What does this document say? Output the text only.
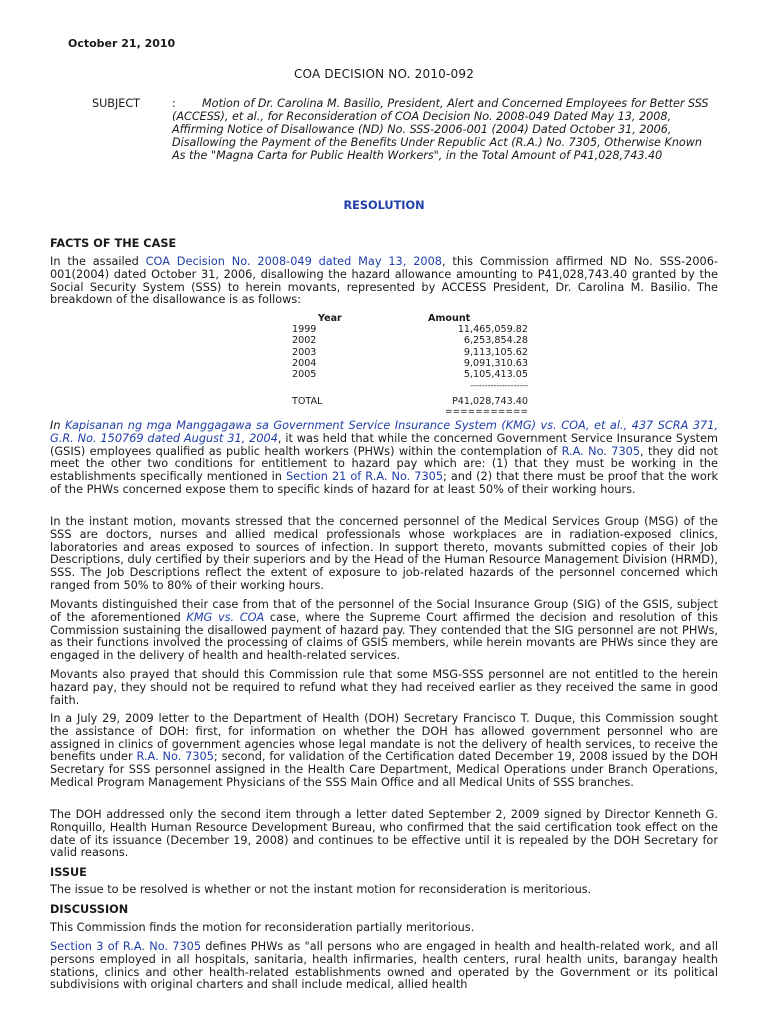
October 21, 2010
COA DECISION NO. 2010-092
SUBJECT	:	Motion of Dr. Carolina M. Basilio, President, Alert and Concerned Employees for Better SSS (ACCESS), et al., for Reconsideration of COA Decision No. 2008-049 Dated May 13, 2008, Affirming Notice of Disallowance (ND) No. SSS-2006-001 (2004) Dated October 31, 2006, Disallowing the Payment of the Benefits Under Republic Act (R.A.) No. 7305, Otherwise Known As the "Magna Carta for Public Health Workers", in the Total Amount of P41,028,743.40
RESOLUTION
FACTS OF THE CASE
In the assailed COA Decision No. 2008-049 dated May 13, 2008, this Commission affirmed ND No. SSS-2006-001(2004) dated October 31, 2006, disallowing the hazard allowance amounting to P41,028,743.40 granted by the Social Security System (SSS) to herein movants, represented by ACCESS President, Dr. Carolina M. Basilio. The breakdown of the disallowance is as follows:
Year	Amount
1999	11,465,059.82
2002	6,253,854.28
2003	9,113,105.62
2004	9,091,310.63
2005	5,105,413.05
	--------------------

TOTAL	P41,028,743.40
	===========
In Kapisanan ng mga Manggagawa sa Government Service Insurance System (KMG) vs. COA, et al., 437 SCRA 371, G.R. No. 150769 dated August 31, 2004, it was held that while the concerned Government Service Insurance System (GSIS) employees qualified as public health workers (PHWs) within the contemplation of R.A. No. 7305, they did not meet the other two conditions for entitlement to hazard pay which are: (1) that they must be working in the establishments specifically mentioned in Section 21 of R.A. No. 7305; and (2) that there must be proof that the work of the PHWs concerned expose them to specific kinds of hazard for at least 50% of their working hours.
In the instant motion, movants stressed that the concerned personnel of the Medical Services Group (MSG) of the SSS are doctors, nurses and allied medical professionals whose workplaces are in radiation-exposed clinics, laboratories and areas exposed to sources of infection. In support thereto, movants submitted copies of their Job Descriptions, duly certified by their superiors and by the Head of the Human Resource Management Division (HRMD), SSS. The Job Descriptions reflect the extent of exposure to job-related hazards of the personnel concerned which ranged from 50% to 80% of their working hours.
Movants distinguished their case from that of the personnel of the Social Insurance Group (SIG) of the GSIS, subject of the aforementioned KMG vs. COA case, where the Supreme Court affirmed the decision and resolution of this Commission sustaining the disallowed payment of hazard pay. They contended that the SIG personnel are not PHWs, as their functions involved the processing of claims of GSIS members, while herein movants are PHWs since they are engaged in the delivery of health and health-related services.
Movants also prayed that should this Commission rule that some MSG-SSS personnel are not entitled to the herein hazard pay, they should not be required to refund what they had received earlier as they received the same in good faith.
In a July 29, 2009 letter to the Department of Health (DOH) Secretary Francisco T. Duque, this Commission sought the assistance of DOH: first, for information on whether the DOH has allowed government personnel who are assigned in clinics of government agencies whose legal mandate is not the delivery of health services, to receive the benefits under R.A. No. 7305; second, for validation of the Certification dated December 19, 2008 issued by the DOH Secretary for SSS personnel assigned in the Health Care Department, Medical Operations under Branch Operations, Medical Program Management Physicians of the SSS Main Office and all Medical Units of SSS branches.
The DOH addressed only the second item through a letter dated September 2, 2009 signed by Director Kenneth G. Ronquillo, Health Human Resource Development Bureau, who confirmed that the said certification took effect on the date of its issuance (December 19, 2008) and continues to be effective until it is repealed by the DOH Secretary for valid reasons.
ISSUE
The issue to be resolved is whether or not the instant motion for reconsideration is meritorious.
DISCUSSION
This Commission finds the motion for reconsideration partially meritorious.
Section 3 of R.A. No. 7305 defines PHWs as "all persons who are engaged in health and health-related work, and all persons employed in all hospitals, sanitaria, health infirmaries, health centers, rural health units, barangay health stations, clinics and other health-related establishments owned and operated by the Government or its political subdivisions with original charters and shall include medical, allied health
